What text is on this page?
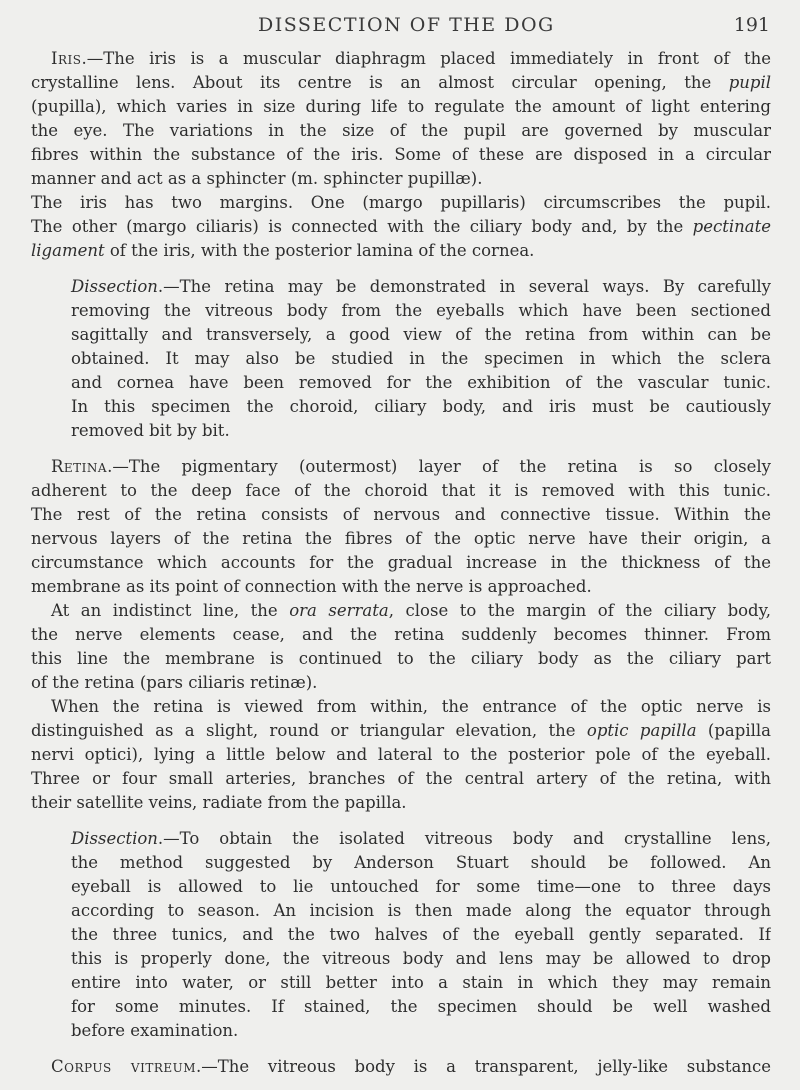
DISSECTION OF THE DOG	191
Iris.—The iris is a muscular diaphragm placed immediately in front of the
crystalline lens. About its centre is an almost circular opening, the pupil
(pupilla), which varies in size during life to regulate the amount of light entering
the eye. The variations in the size of the pupil are governed by muscular
fibres within the substance of the iris. Some of these are disposed in a circular
manner and act as a sphincter (m. sphincter pupillæ).
The iris has two margins. One (margo pupillaris) circumscribes the pupil.
The other (margo ciliaris) is connected with the ciliary body and, by the pectinate
ligament of the iris, with the posterior lamina of the cornea.
Dissection.—The retina may be demonstrated in several ways. By carefully
removing the vitreous body from the eyeballs which have been sectioned
sagittally and transversely, a good view of the retina from within can be
obtained. It may also be studied in the specimen in which the sclera
and cornea have been removed for the exhibition of the vascular tunic.
In this specimen the choroid, ciliary body, and iris must be cautiously
removed bit by bit.
Retina.—The pigmentary (outermost) layer of the retina is so closely
adherent to the deep face of the choroid that it is removed with this tunic.
The rest of the retina consists of nervous and connective tissue. Within the
nervous layers of the retina the fibres of the optic nerve have their origin, a
circumstance which accounts for the gradual increase in the thickness of the
membrane as its point of connection with the nerve is approached.
At an indistinct line, the ora serrata, close to the margin of the ciliary body,
the nerve elements cease, and the retina suddenly becomes thinner. From
this line the membrane is continued to the ciliary body as the ciliary part
of the retina (pars ciliaris retinæ).
When the retina is viewed from within, the entrance of the optic nerve is
distinguished as a slight, round or triangular elevation, the optic papilla (papilla
nervi optici), lying a little below and lateral to the posterior pole of the eyeball.
Three or four small arteries, branches of the central artery of the retina, with
their satellite veins, radiate from the papilla.
Dissection.—To obtain the isolated vitreous body and crystalline lens,
the method suggested by Anderson Stuart should be followed. An
eyeball is allowed to lie untouched for some time—one to three days
according to season. An incision is then made along the equator through
the three tunics, and the two halves of the eyeball gently separated. If
this is properly done, the vitreous body and lens may be allowed to drop
entire into water, or still better into a stain in which they may remain
for some minutes. If stained, the specimen should be well washed
before examination.
Corpus vitreum.—The vitreous body is a transparent, jelly-like substance
